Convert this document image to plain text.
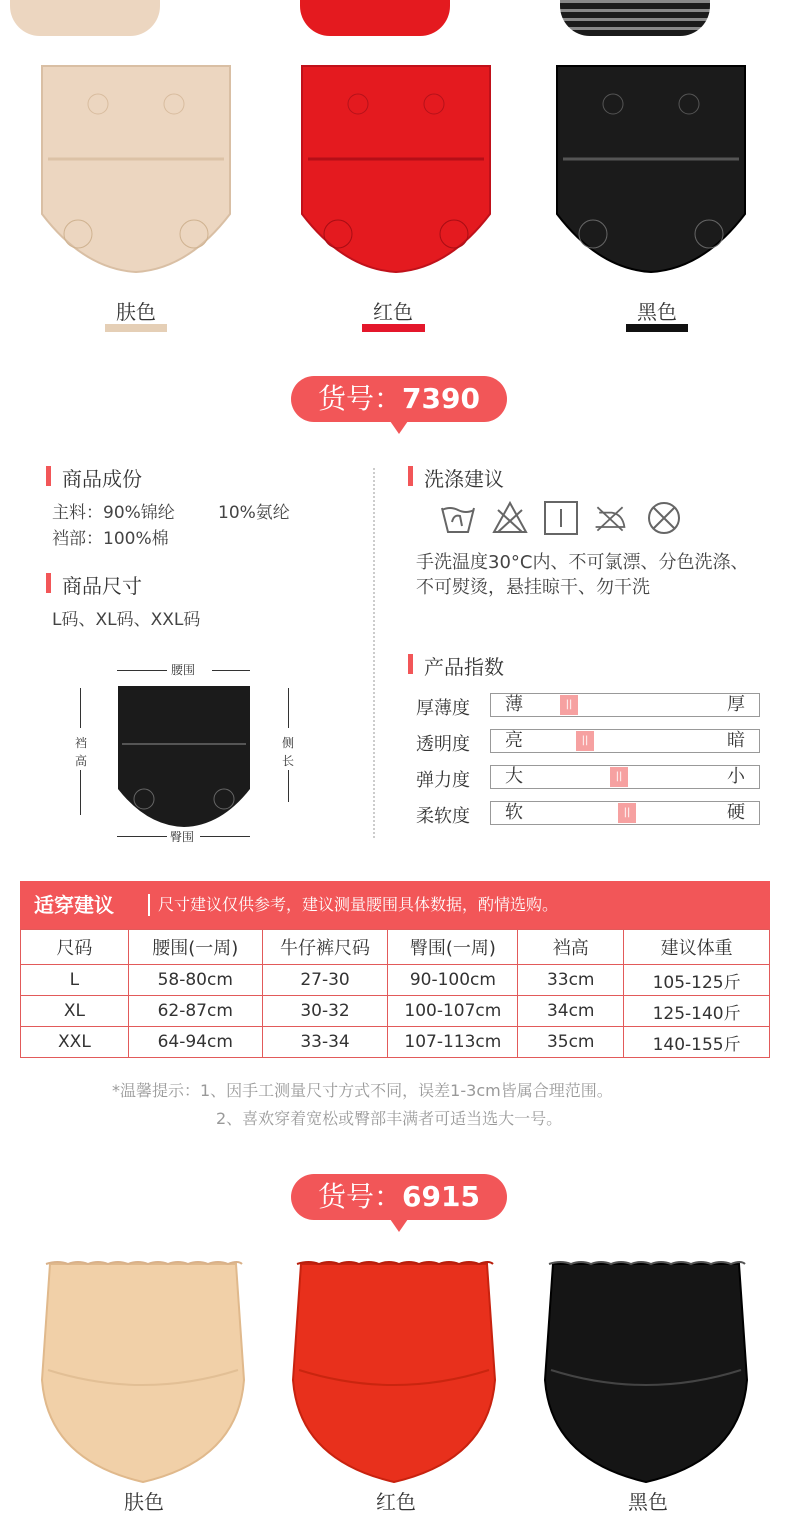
肤色	红色	黑色
货号：7390
商品成份
主料：90%锦纶	10%氨纶
裆部：100%棉
商品尺寸
L码、XL码、XXL码
腰围
裆
高
侧
长
臀围
洗涤建议
手洗温度30°C内、不可氯漂、分色洗涤、
不可熨烫，悬挂晾干、勿干洗
产品指数
厚薄度 薄	||	厚
透明度 亮	||	暗
弹力度 大	||	小
柔软度 软	||	硬
适穿建议	尺寸建议仅供参考，建议测量腰围具体数据，酌情选购。
尺码	腰围(一周)	牛仔裤尺码	臀围(一周)	裆高	建议体重
L	58-80cm	27-30	90-100cm	33cm	105-125斤
XL	62-87cm	30-32	100-107cm	34cm	125-140斤
XXL	64-94cm	33-34	107-113cm	35cm	140-155斤
*温馨提示：1、因手工测量尺寸方式不同，误差1-3cm皆属合理范围。
2、喜欢穿着宽松或臀部丰满者可适当选大一号。
货号：6915
肤色	红色	黑色
